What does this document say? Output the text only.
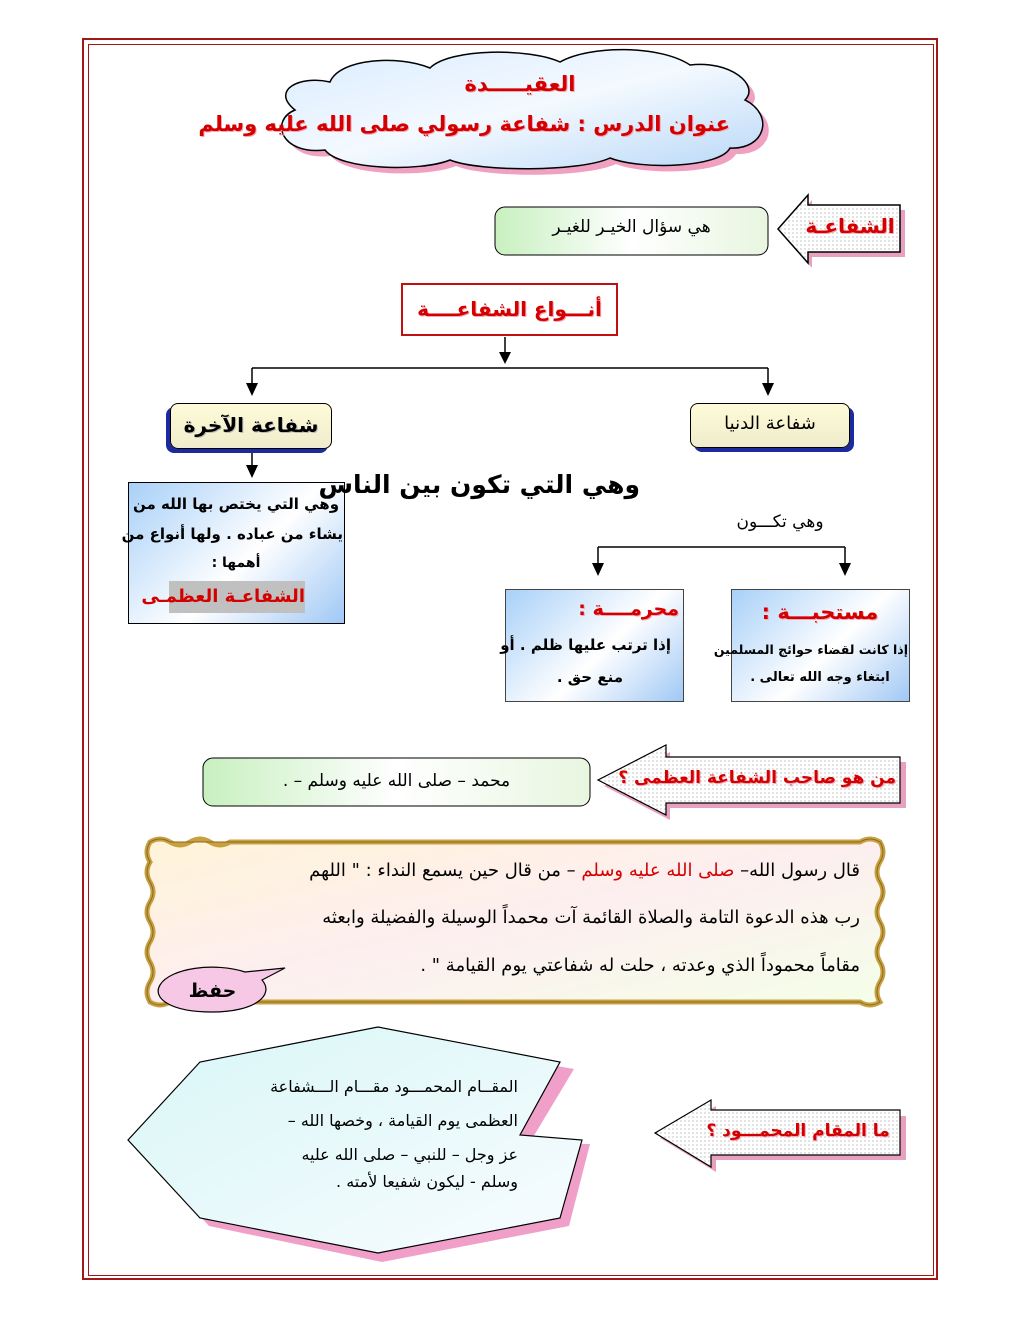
العقيـــــدة
عنوان الدرس : شفاعة رسولي صلى الله عليه وسلم
الشفاعـة
هي سؤال الخيـر للغيـر
أنـــواع الشفاعــــة
شفاعة الدنيا
شفاعة الآخرة
وهي التي يختص بها الله من
يشاء من عباده . ولها أنواع من
أهمها :
الشفاعـة العظمـى
وهي التي تكون بين الناس
وهي تكـــون
مستحبـــة :
إذا كانت لقضاء حوائج المسلمين
ابتغاء وجه الله تعالى .
محرمــــة :
إذا ترتب عليها ظلم . أو
منع حق .
من هو صاحب الشفاعة العظمى ؟
محمد – صلى الله عليه وسلم – .
قال رسول الله– صلى الله عليه وسلم – من قال حين يسمع النداء : " اللهم
رب هذه الدعوة التامة والصلاة القائمة آت محمداً الوسيلة والفضيلة وابعثه
مقاماً محموداً الذي وعدته ، حلت له شفاعتي يوم القيامة " .
حفظ
ما المقام المحمـــود ؟
المقــام المحمـــود مقـــام الـــشفاعة
العظمى يوم القيامة ، وخصها الله –
عز وجل – للنبي – صلى الله عليه
وسلم - ليكون شفيعا لأمته .
